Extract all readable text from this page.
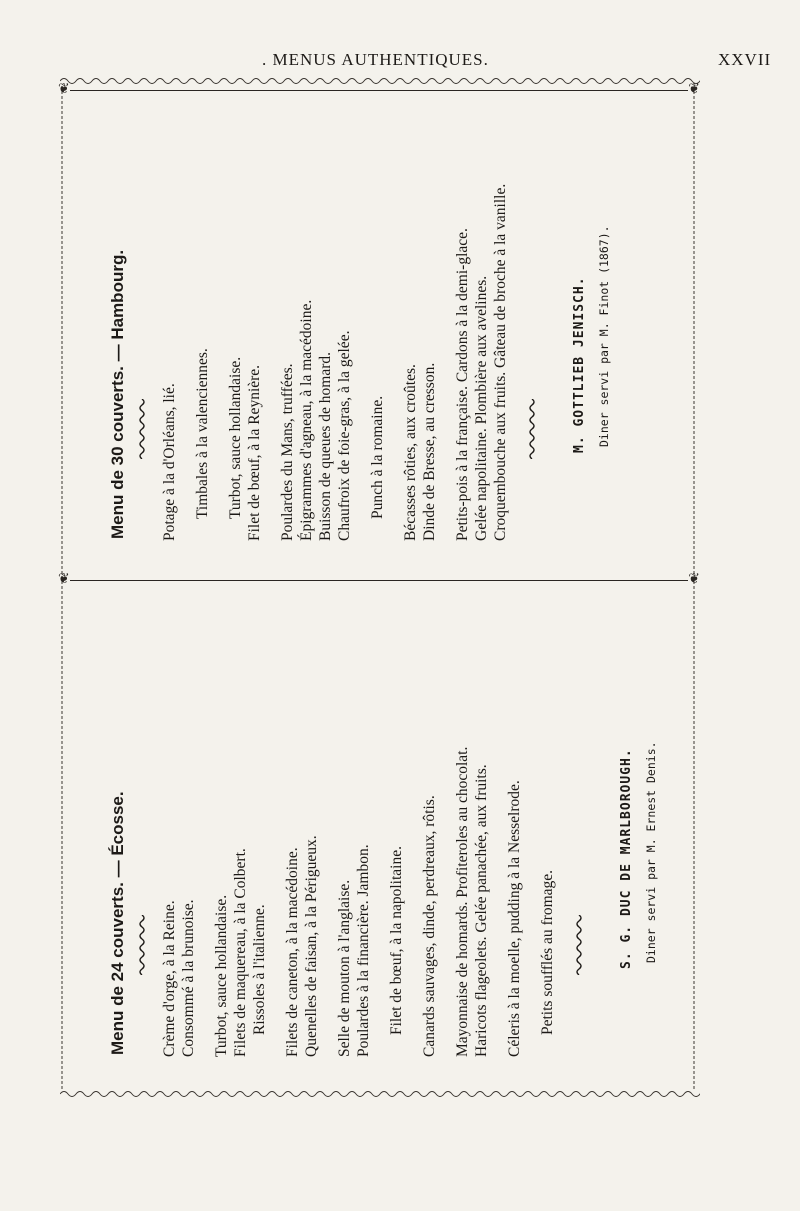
. MENUS AUTHENTIQUES.	XXVII
❦	❦
Menu de 30 couverts. — Hambourg. Potage à la d'Orléans, lié. Timbales à la valenciennes. Turbot, sauce hollandaise. Filet de bœuf, à la Reynière. Poulardes du Mans, truffées. Épigrammes d'agneau, à la macédoine. Buisson de queues de homard. Chaufroix de foie-gras, à la gelée. Punch à la romaine. Bécasses rôties, aux croûtes. Dinde de Bresse, au cresson. Petits-pois à la française. Cardons à la demi-glace. Gelée napolitaine. Plombière aux avelines. Croquembouche aux fruits. Gâteau de broche à la vanille.	M. GOTTLIEB JENISCH. Diner servi par M. Finot (1867).
❦	❦
Menu de 24 couverts. — Écosse. Crème d'orge, à la Reine. Consommé à la brunoise. Turbot, sauce hollandaise. Filets de maquereau, à la Colbert. Rissoles à l'italienne. Filets de caneton, à la macédoine. Quenelles de faisan, à la Périgueux. Selle de mouton à l'anglaise. Poulardes à la financière. Jambon. Filet de bœuf, à la napolitaine. Canards sauvages, dinde, perdreaux, rôtis. Mayonnaise de homards. Profiteroles au chocolat. Haricots flageolets. Gelée panachée, aux fruits. Céleris à la moelle, pudding à la Nesselrode. Petits soufflés au fromage.	S. G. DUC DE MARLBOROUGH. Diner servi par M. Ernest Denis.
